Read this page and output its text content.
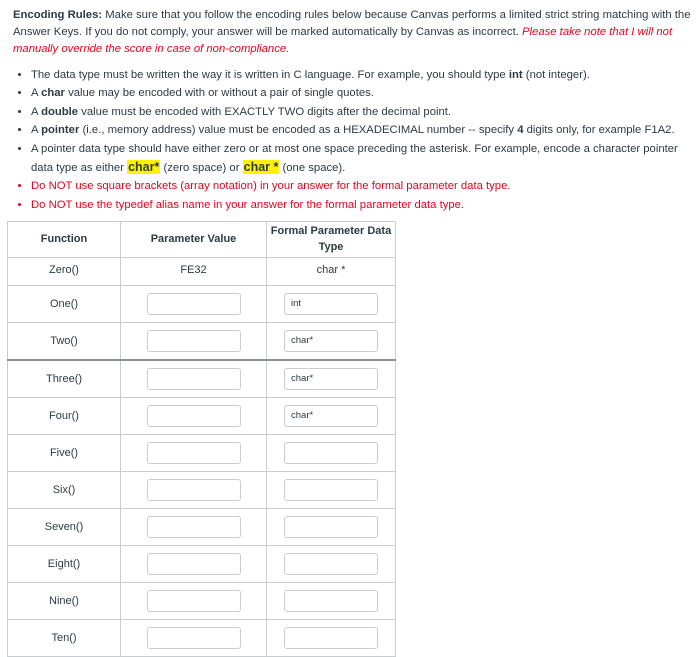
Encoding Rules: Make sure that you follow the encoding rules below because Canvas performs a limited strict string matching with the Answer Keys. If you do not comply, your answer will be marked automatically by Canvas as incorrect. Please take note that I will not manually override the score in case of non-compliance.

• The data type must be written the way it is written in C language. For example, you should type int (not integer).
• A char value may be encoded with or without a pair of single quotes.
• A double value must be encoded with EXACTLY TWO digits after the decimal point.
• A pointer (i.e., memory address) value must be encoded as a HEXADECIMAL number -- specify 4 digits only, for example F1A2.
• A pointer data type should have either zero or at most one space preceding the asterisk. For example, encode a character pointer data type as either char* (zero space) or char * (one space).
• Do NOT use square brackets (array notation) in your answer for the formal parameter data type.
• Do NOT use the typedef alias name in your answer for the formal parameter data type.
Function	Parameter Value	Formal Parameter Data Type
Zero()	FE32	char *
One()		int

Two()		char*

Three()		char*

Four()		char*

Five()	

Six()	

Seven()	

Eight()	

Nine()	

Ten()	
